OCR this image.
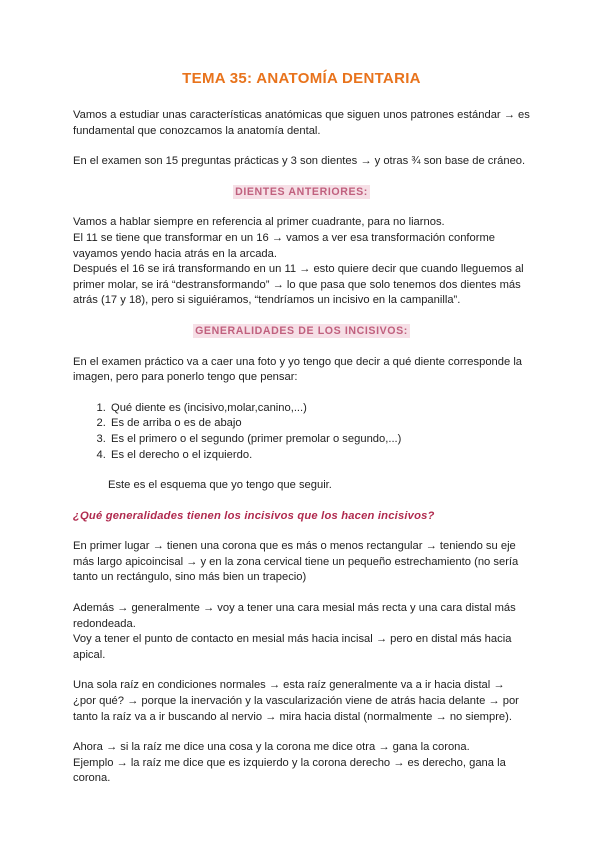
TEMA 35: ANATOMÍA DENTARIA

Vamos a estudiar unas características anatómicas que siguen unos patrones estándar → es fundamental que conozcamos la anatomía dental.

En el examen son 15 preguntas prácticas y 3 son dientes → y otras ¾ son base de cráneo.

DIENTES ANTERIORES:

Vamos a hablar siempre en referencia al primer cuadrante, para no liarnos.

El 11 se tiene que transformar en un 16 → vamos a ver esa transformación conforme vayamos yendo hacia atrás en la arcada.

Después el 16 se irá transformando en un 11 → esto quiere decir que cuando lleguemos al primer molar, se irá “destransformando” → lo que pasa que solo tenemos dos dientes más atrás (17 y 18), pero si siguiéramos, “tendríamos un incisivo en la campanilla”.

GENERALIDADES DE LOS INCISIVOS:

En el examen práctico va a caer una foto y yo tengo que decir a qué diente corresponde la imagen, pero para ponerlo tengo que pensar:

1. Qué diente es (incisivo,molar,canino,...)
2. Es de arriba o es de abajo
3. Es el primero o el segundo (primer premolar o segundo,...)
4. Es el derecho o el izquierdo.

Este es el esquema que yo tengo que seguir.

¿Qué generalidades tienen los incisivos que los hacen incisivos?

En primer lugar → tienen una corona que es más o menos rectangular → teniendo su eje más largo apicoincisal → y en la zona cervical tiene un pequeño estrechamiento (no sería tanto un rectángulo, sino más bien un trapecio)

Además → generalmente → voy a tener una cara mesial más recta y una cara distal más redondeada.

Voy a tener el punto de contacto en mesial más hacia incisal → pero en distal más hacia apical.

Una sola raíz en condiciones normales → esta raíz generalmente va a ir hacia distal → ¿por qué? → porque la inervación y la vascularización viene de atrás hacia delante → por tanto la raíz va a ir buscando al nervio → mira hacia distal (normalmente → no siempre).

Ahora → si la raíz me dice una cosa y la corona me dice otra → gana la corona.

Ejemplo → la raíz me dice que es izquierdo y la corona derecho → es derecho, gana la corona.
